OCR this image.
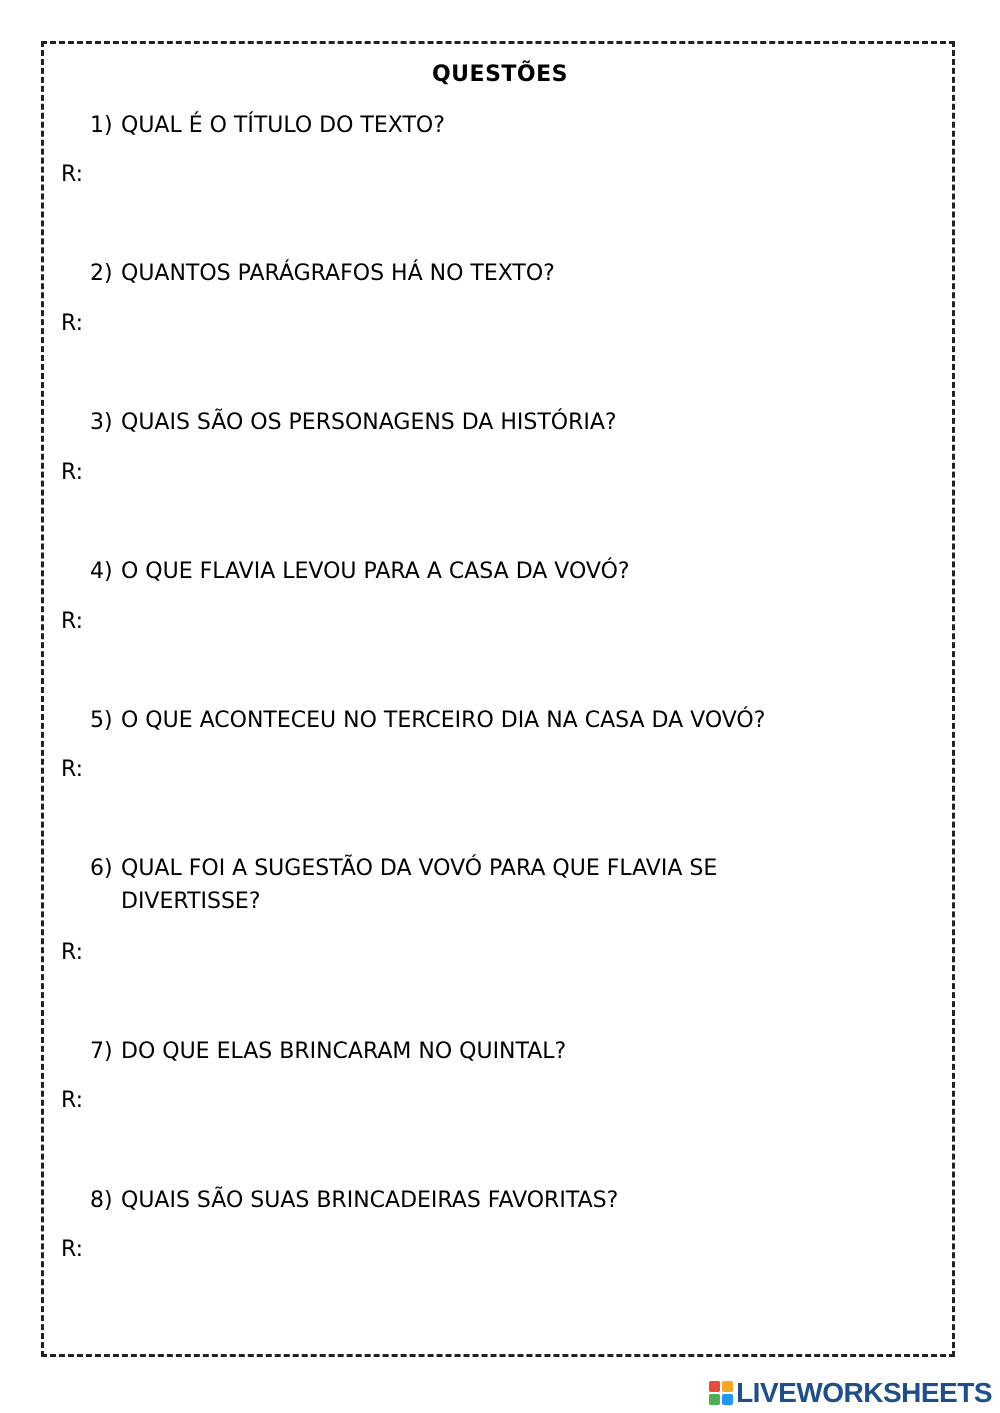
QUESTÕES
1) QUAL É O TÍTULO DO TEXTO?
R:
2) QUANTOS PARÁGRAFOS HÁ NO TEXTO?
R:
3) QUAIS SÃO OS PERSONAGENS DA HISTÓRIA?
R:
4) O QUE FLAVIA LEVOU PARA A CASA DA VOVÓ?
R:
5) O QUE ACONTECEU NO TERCEIRO DIA NA CASA DA VOVÓ?
R:
6) QUAL FOI A SUGESTÃO DA VOVÓ PARA QUE FLAVIA SE DIVERTISSE?
R:
7) DO QUE ELAS BRINCARAM NO QUINTAL?
R:
8) QUAIS SÃO SUAS BRINCADEIRAS FAVORITAS?
R:
LIVEWORKSHEETS
